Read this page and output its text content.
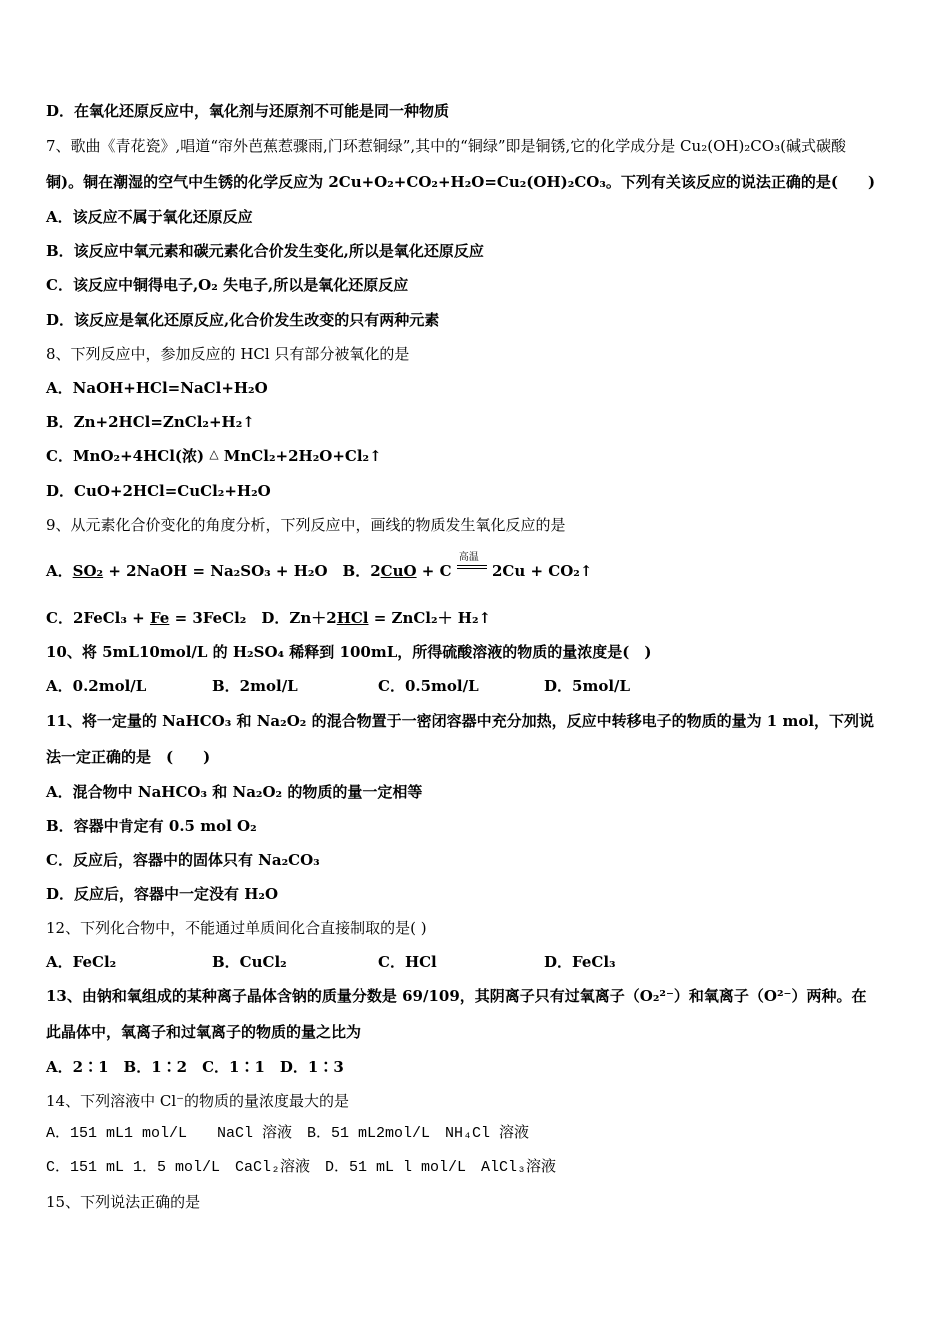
D．在氧化还原反应中，氧化剂与还原剂不可能是同一种物质
7、歌曲《青花瓷》,唱道“帘外芭蕉惹骤雨,门环惹铜绿”,其中的“铜绿”即是铜锈,它的化学成分是 Cu₂(OH)₂CO₃(碱式碳酸
铜)。铜在潮湿的空气中生锈的化学反应为 2Cu+O₂+CO₂+H₂O=Cu₂(OH)₂CO₃。下列有关该反应的说法正确的是(　　)
A．该反应不属于氧化还原反应
B．该反应中氧元素和碳元素化合价发生变化,所以是氧化还原反应
C．该反应中铜得电子,O₂ 失电子,所以是氧化还原反应
D．该反应是氧化还原反应,化合价发生改变的只有两种元素
8、下列反应中，参加反应的 HCl 只有部分被氧化的是
A．NaOH+HCl=NaCl+H₂O
B．Zn+2HCl=ZnCl₂+H₂↑
C．MnO₂+4HCl(浓) △ MnCl₂+2H₂O+Cl₂↑
D．CuO+2HCl=CuCl₂+H₂O
9、从元素化合价变化的角度分析，下列反应中，画线的物质发生氧化反应的是
A．SO₂ + 2NaOH = Na₂SO₃ + H₂O　B．2CuO + C
高温
2Cu + CO₂↑
C．2FeCl₃ + Fe = 3FeCl₂　D．Zn＋2HCl = ZnCl₂＋ H₂↑
10、将 5mL10mol/L 的 H₂SO₄ 稀释到 100mL，所得硫酸溶液的物质的量浓度是(　)
A．0.2mol/L	B．2mol/L	C．0.5mol/L	D．5mol/L
11、将一定量的 NaHCO₃ 和 Na₂O₂ 的混合物置于一密闭容器中充分加热，反应中转移电子的物质的量为 1 mol，下列说
法一定正确的是　(　　)
A．混合物中 NaHCO₃ 和 Na₂O₂ 的物质的量一定相等
B．容器中肯定有 0.5 mol O₂
C．反应后，容器中的固体只有 Na₂CO₃
D．反应后，容器中一定没有 H₂O
12、下列化合物中，不能通过单质间化合直接制取的是( )
A．FeCl₂	B．CuCl₂	C．HCl	D．FeCl₃
13、由钠和氧组成的某种离子晶体含钠的质量分数是 69/109，其阴离子只有过氧离子（O₂²⁻）和氧离子（O²⁻）两种。在
此晶体中，氧离子和过氧离子的物质的量之比为
A．2∶1　B．1∶2　C．1∶1　D．1∶3
14、下列溶液中 Cl⁻的物质的量浓度最大的是
A．151 mL1 mol/L　　NaCl 溶液　B．51 mL2mol/L　NH₄Cl 溶液
C．151 mL 1．5 mol/L　CaCl₂溶液　D．51 mL l mol/L　AlCl₃溶液
15、下列说法正确的是
